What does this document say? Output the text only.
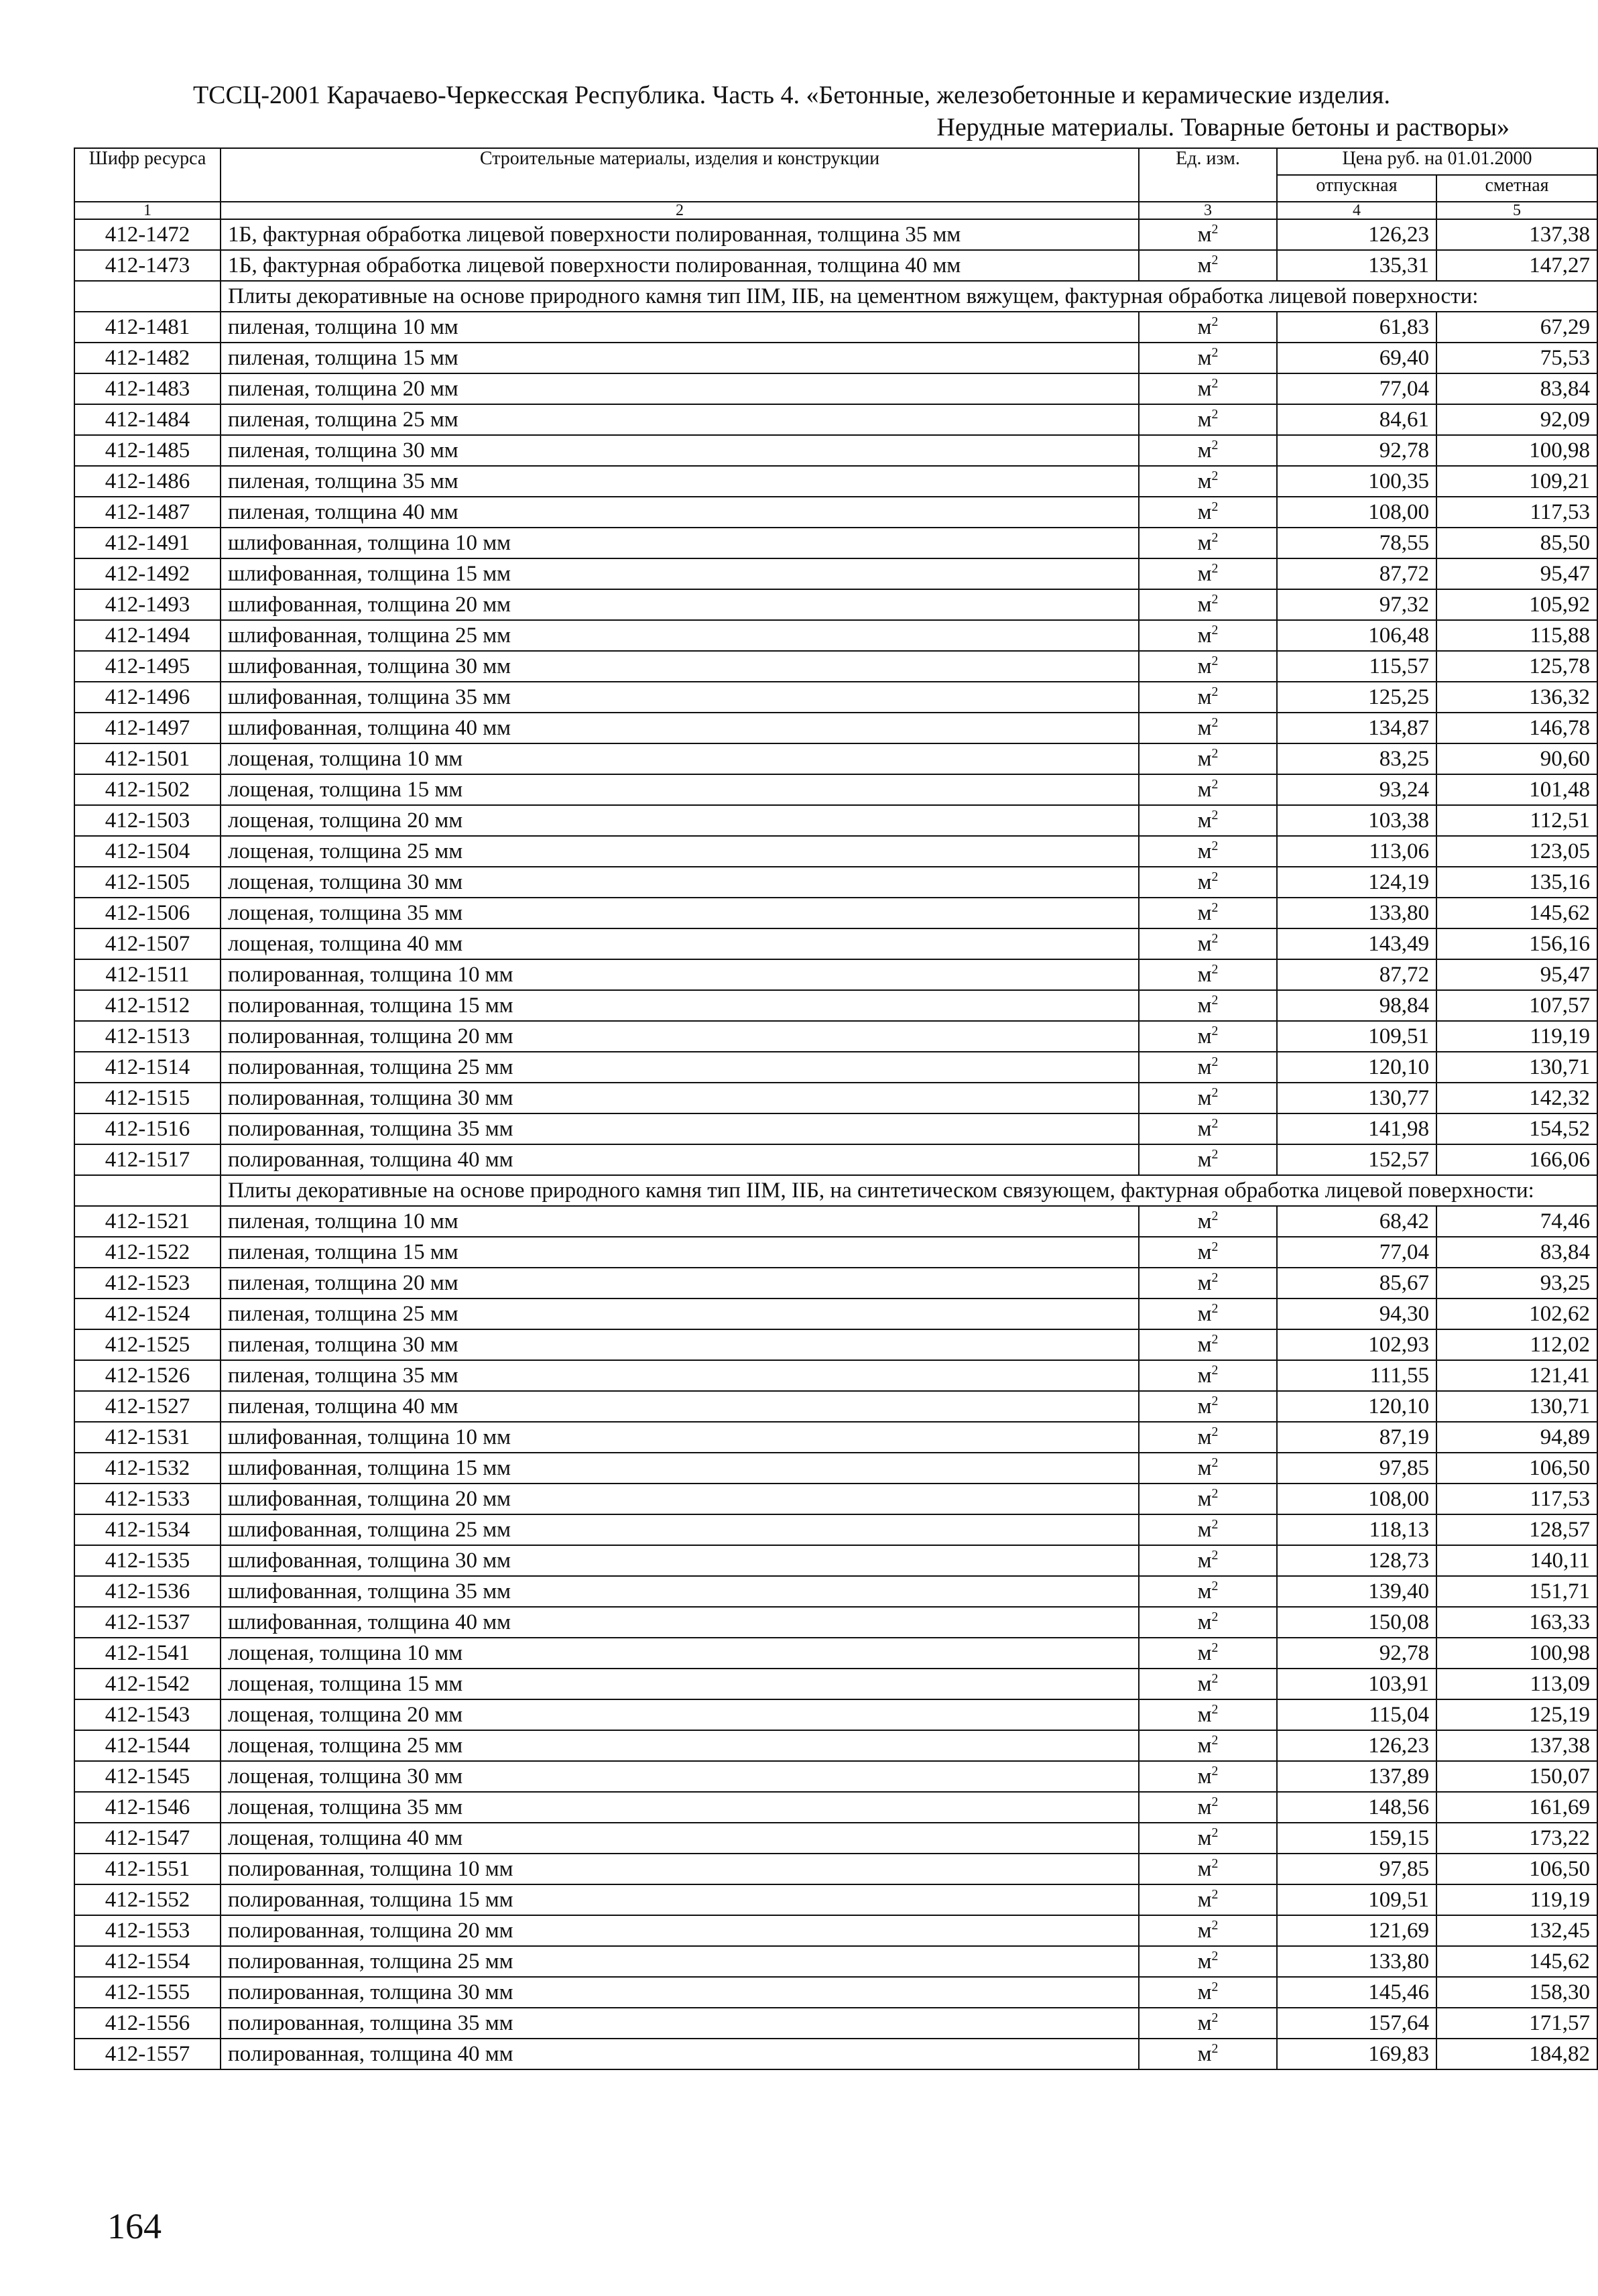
ТССЦ-2001 Карачаево-Черкесская Республика. Часть 4. «Бетонные, железобетонные и керамические изделия.
Нерудные материалы. Товарные бетоны и растворы»
Шифр ресурса	Строительные материалы, изделия и конструкции	Ед. изм.	Цена руб. на 01.01.2000	
			отпускная	сметная
1	2	3	4	5
412-1472	1Б, фактурная обработка лицевой поверхности полированная, толщина 35 мм	$м^2$	126,23	137,38
412-1473	1Б, фактурная обработка лицевой поверхности полированная, толщина 40 мм	$м^2$	135,31	147,27
	Плиты декоративные на основе природного камня тип IIМ, IIБ, на цементном вяжущем, фактурная обработка лицевой поверхности:			
412-1481	пиленая, толщина 10 мм	$м^2$	61,83	67,29
412-1482	пиленая, толщина 15 мм	$м^2$	69,40	75,53
412-1483	пиленая, толщина 20 мм	$м^2$	77,04	83,84
412-1484	пиленая, толщина 25 мм	$м^2$	84,61	92,09
412-1485	пиленая, толщина 30 мм	$м^2$	92,78	100,98
412-1486	пиленая, толщина 35 мм	$м^2$	100,35	109,21
412-1487	пиленая, толщина 40 мм	$м^2$	108,00	117,53
412-1491	шлифованная, толщина 10 мм	$м^2$	78,55	85,50
412-1492	шлифованная, толщина 15 мм	$м^2$	87,72	95,47
412-1493	шлифованная, толщина 20 мм	$м^2$	97,32	105,92
412-1494	шлифованная, толщина 25 мм	$м^2$	106,48	115,88
412-1495	шлифованная, толщина 30 мм	$м^2$	115,57	125,78
412-1496	шлифованная, толщина 35 мм	$м^2$	125,25	136,32
412-1497	шлифованная, толщина 40 мм	$м^2$	134,87	146,78
412-1501	лощеная, толщина 10 мм	$м^2$	83,25	90,60
412-1502	лощеная, толщина 15 мм	$м^2$	93,24	101,48
412-1503	лощеная, толщина 20 мм	$м^2$	103,38	112,51
412-1504	лощеная, толщина 25 мм	$м^2$	113,06	123,05
412-1505	лощеная, толщина 30 мм	$м^2$	124,19	135,16
412-1506	лощеная, толщина 35 мм	$м^2$	133,80	145,62
412-1507	лощеная, толщина 40 мм	$м^2$	143,49	156,16
412-1511	полированная, толщина 10 мм	$м^2$	87,72	95,47
412-1512	полированная, толщина 15 мм	$м^2$	98,84	107,57
412-1513	полированная, толщина 20 мм	$м^2$	109,51	119,19
412-1514	полированная, толщина 25 мм	$м^2$	120,10	130,71
412-1515	полированная, толщина 30 мм	$м^2$	130,77	142,32
412-1516	полированная, толщина 35 мм	$м^2$	141,98	154,52
412-1517	полированная, толщина 40 мм	$м^2$	152,57	166,06
	Плиты декоративные на основе природного камня тип IIМ, IIБ, на синтетическом связующем, фактурная обработка лицевой поверхности:			
412-1521	пиленая, толщина 10 мм	$м^2$	68,42	74,46
412-1522	пиленая, толщина 15 мм	$м^2$	77,04	83,84
412-1523	пиленая, толщина 20 мм	$м^2$	85,67	93,25
412-1524	пиленая, толщина 25 мм	$м^2$	94,30	102,62
412-1525	пиленая, толщина 30 мм	$м^2$	102,93	112,02
412-1526	пиленая, толщина 35 мм	$м^2$	111,55	121,41
412-1527	пиленая, толщина 40 мм	$м^2$	120,10	130,71
412-1531	шлифованная, толщина 10 мм	$м^2$	87,19	94,89
412-1532	шлифованная, толщина 15 мм	$м^2$	97,85	106,50
412-1533	шлифованная, толщина 20 мм	$м^2$	108,00	117,53
412-1534	шлифованная, толщина 25 мм	$м^2$	118,13	128,57
412-1535	шлифованная, толщина 30 мм	$м^2$	128,73	140,11
412-1536	шлифованная, толщина 35 мм	$м^2$	139,40	151,71
412-1537	шлифованная, толщина 40 мм	$м^2$	150,08	163,33
412-1541	лощеная, толщина 10 мм	$м^2$	92,78	100,98
412-1542	лощеная, толщина 15 мм	$м^2$	103,91	113,09
412-1543	лощеная, толщина 20 мм	$м^2$	115,04	125,19
412-1544	лощеная, толщина 25 мм	$м^2$	126,23	137,38
412-1545	лощеная, толщина 30 мм	$м^2$	137,89	150,07
412-1546	лощеная, толщина 35 мм	$м^2$	148,56	161,69
412-1547	лощеная, толщина 40 мм	$м^2$	159,15	173,22
412-1551	полированная, толщина 10 мм	$м^2$	97,85	106,50
412-1552	полированная, толщина 15 мм	$м^2$	109,51	119,19
412-1553	полированная, толщина 20 мм	$м^2$	121,69	132,45
412-1554	полированная, толщина 25 мм	$м^2$	133,80	145,62
412-1555	полированная, толщина 30 мм	$м^2$	145,46	158,30
412-1556	полированная, толщина 35 мм	$м^2$	157,64	171,57
412-1557	полированная, толщина 40 мм	$м^2$	169,83	184,82
164
